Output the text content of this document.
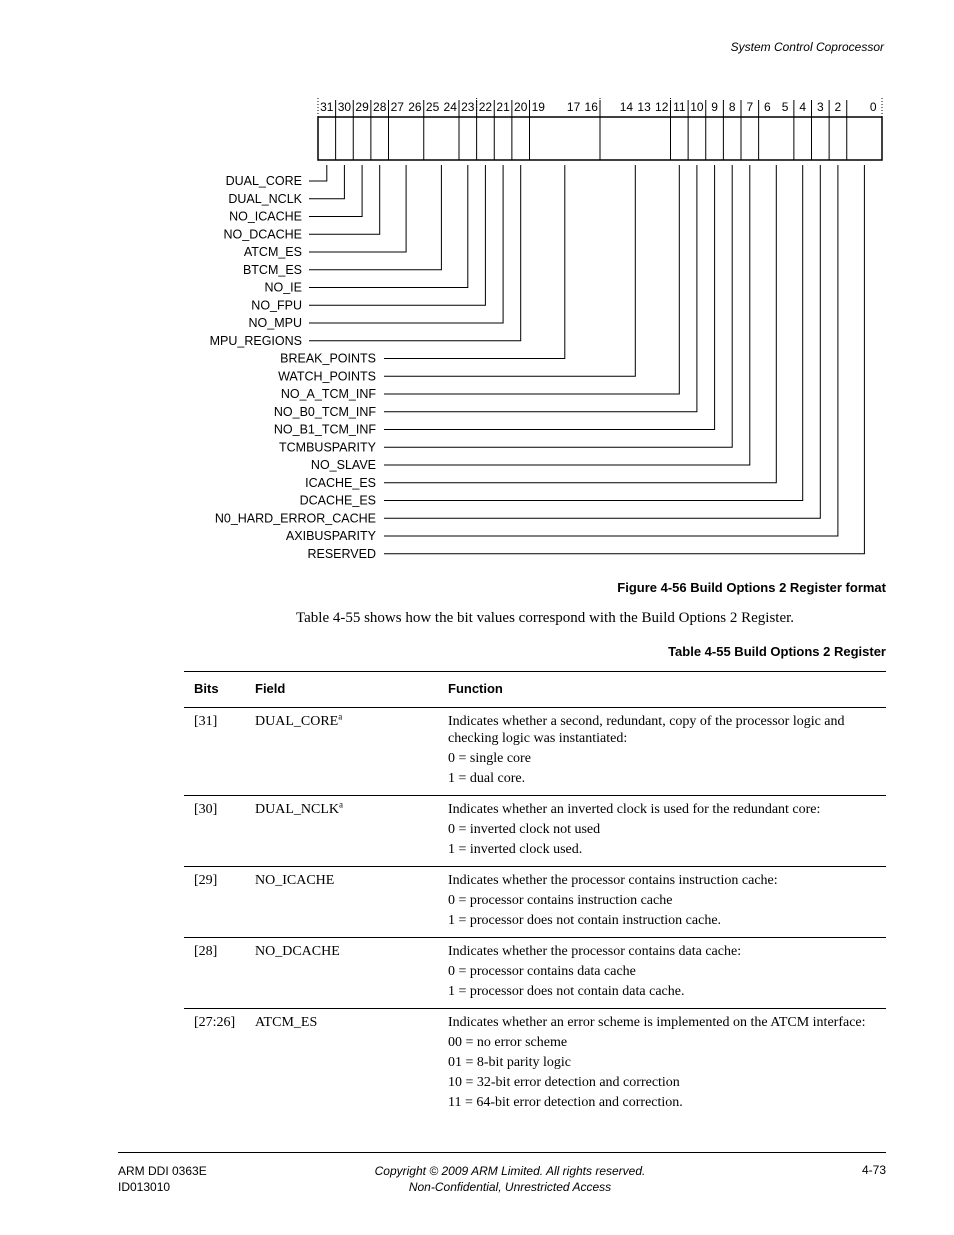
System Control Coprocessor
31 30 29 28 27 26 25 24 23 22 21 20 19 17 16 14 13 12 11 10 9 8 7 6 5 4 3 2 0
DUAL_CORE
DUAL_NCLK
NO_ICACHE
NO_DCACHE
ATCM_ES
BTCM_ES
NO_IE
NO_FPU
NO_MPU
MPU_REGIONS
BREAK_POINTS
WATCH_POINTS
NO_A_TCM_INF
NO_B0_TCM_INF
NO_B1_TCM_INF
TCMBUSPARITY
NO_SLAVE
ICACHE_ES
DCACHE_ES
N0_HARD_ERROR_CACHE
AXIBUSPARITY
RESERVED
Figure 4-56 Build Options 2 Register format
Table 4-55 shows how the bit values correspond with the Build Options 2 Register.
Table 4-55 Build Options 2 Register
Bits	Field	Function
[31]	DUAL_CORE$^a$	Indicates whether a second, redundant, copy of the processor logic and checking logic was instantiated:

0 = single core

1 = dual core.

[30]	DUAL_NCLK$^a$	Indicates whether an inverted clock is used for the redundant core:

0 = inverted clock not used

1 = inverted clock used.

[29]	NO_ICACHE	Indicates whether the processor contains instruction cache:

0 = processor contains instruction cache

1 = processor does not contain instruction cache.

[28]	NO_DCACHE	Indicates whether the processor contains data cache:

0 = processor contains data cache

1 = processor does not contain data cache.

[27:26]	ATCM_ES	Indicates whether an error scheme is implemented on the ATCM interface:

00 = no error scheme

01 = 8-bit parity logic

10 = 32-bit error detection and correction

11 = 64-bit error detection and correction.

ARM DDI 0363E
ID013010
Copyright © 2009 ARM Limited. All rights reserved.
Non-Confidential, Unrestricted Access
4-73
